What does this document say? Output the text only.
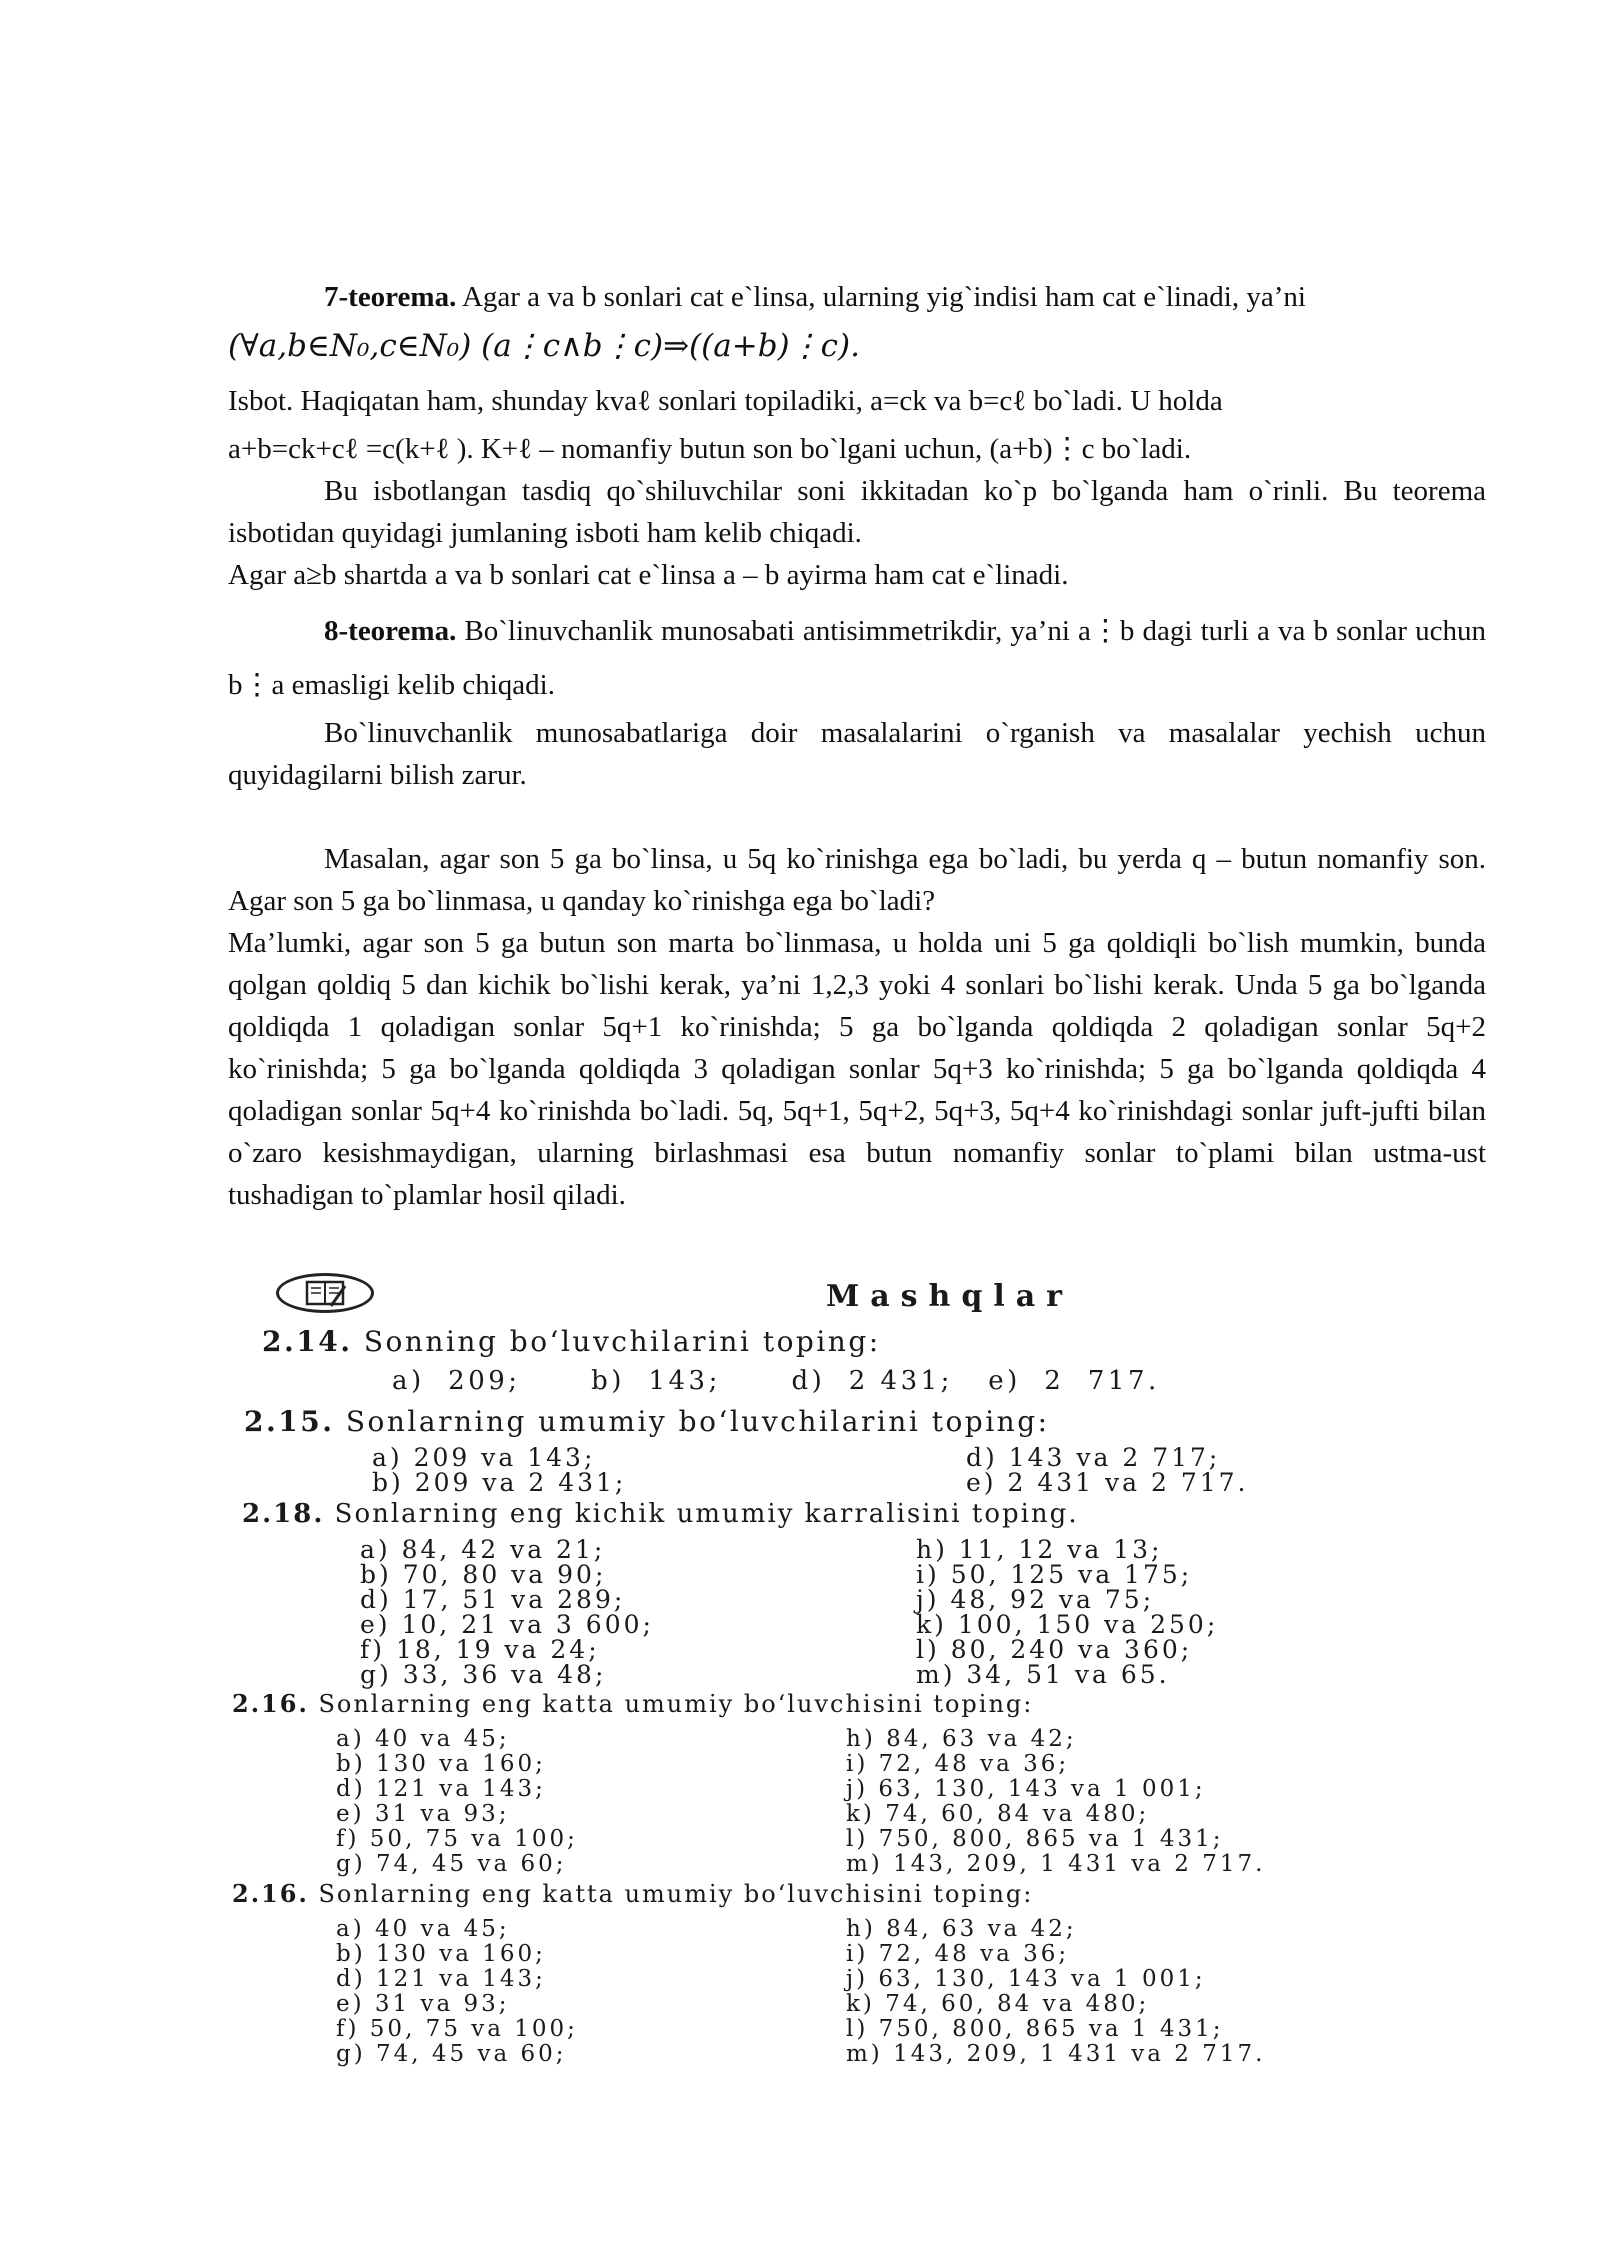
7-teorema. Agar a va b sonlari cat e`linsa, ularning yig`indisi ham cat e`linadi, ya’ni

(∀a,b∈N₀,c∈N₀) (a⋮c∧b⋮c)⇒((a+b)⋮c).

Isbot. Haqiqatan ham, shunday kvaℓ sonlari topiladiki, a=ck va b=cℓ bo`ladi. U holda

a+b=ck+cℓ =c(k+ℓ ). K+ℓ – nomanfiy butun son bo`lgani uchun, (a+b)⋮c bo`ladi.

Bu isbotlangan tasdiq qo`shiluvchilar soni ikkitadan ko`p bo`lganda ham o`rinli. Bu teorema isbotidan quyidagi jumlaning isboti ham kelib chiqadi.

Agar a≥b shartda a va b sonlari cat e`linsa a – b ayirma ham cat e`linadi.

8-teorema. Bo`linuvchanlik munosabati antisimmetrikdir, ya’ni a⋮b dagi turli a va b sonlar uchun b⋮a emasligi kelib chiqadi.

Bo`linuvchanlik munosabatlariga doir masalalarini o`rganish va masalalar yechish uchun quyidagilarni bilish zarur.

Masalan, agar son 5 ga bo`linsa, u 5q ko`rinishga ega bo`ladi, bu yerda q – butun nomanfiy son. Agar son 5 ga bo`linmasa, u qanday ko`rinishga ega bo`ladi?

Ma’lumki, agar son 5 ga butun son marta bo`linmasa, u holda uni 5 ga qoldiqli bo`lish mumkin, bunda qolgan qoldiq 5 dan kichik bo`lishi kerak, ya’ni 1,2,3 yoki 4 sonlari bo`lishi kerak. Unda 5 ga bo`lganda qoldiqda 1 qoladigan sonlar 5q+1 ko`rinishda; 5 ga bo`lganda qoldiqda 2 qoladigan sonlar 5q+2 ko`rinishda; 5 ga bo`lganda qoldiqda 3 qoladigan sonlar 5q+3 ko`rinishda; 5 ga bo`lganda qoldiqda 4 qoladigan sonlar 5q+4 ko`rinishda bo`ladi. 5q, 5q+1, 5q+2, 5q+3, 5q+4 ko`rinishdagi sonlar juft-jufti bilan o`zaro kesishmaydigan, ularning birlashmasi esa butun nomanfiy sonlar to`plami bilan ustma-ust tushadigan to`plamlar hosil qiladi.

Mashqlar
2.14. Sonning bo‘luvchilarini toping:
a)  209;      b)  143;      d)  2 431;   e)  2  717.
2.15. Sonlarning umumiy bo‘luvchilarini toping:
a) 209 va 143;
b) 209 va 2 431;
d) 143 va 2 717;
e) 2 431 va 2 717.
2.18. Sonlarning eng kichik umumiy karralisini toping.
a) 84, 42 va 21;
b) 70, 80 va 90;
d) 17, 51 va 289;
e) 10, 21 va 3 600;
f) 18, 19 va 24;
g) 33, 36 va 48;
h) 11, 12 va 13;
i) 50, 125 va 175;
j) 48, 92 va 75;
k) 100, 150 va 250;
l) 80, 240 va 360;
m) 34, 51 va 65.
2.16. Sonlarning eng katta umumiy bo‘luvchisini toping:
a) 40 va 45;
b) 130 va 160;
d) 121 va 143;
e) 31 va 93;
f) 50, 75 va 100;
g) 74, 45 va 60;
h) 84, 63 va 42;
i) 72, 48 va 36;
j) 63, 130, 143 va 1 001;
k) 74, 60, 84 va 480;
l) 750, 800, 865 va 1 431;
m) 143, 209, 1 431 va 2 717.
2.16. Sonlarning eng katta umumiy bo‘luvchisini toping:
a) 40 va 45;
b) 130 va 160;
d) 121 va 143;
e) 31 va 93;
f) 50, 75 va 100;
g) 74, 45 va 60;
h) 84, 63 va 42;
i) 72, 48 va 36;
j) 63, 130, 143 va 1 001;
k) 74, 60, 84 va 480;
l) 750, 800, 865 va 1 431;
m) 143, 209, 1 431 va 2 717.
